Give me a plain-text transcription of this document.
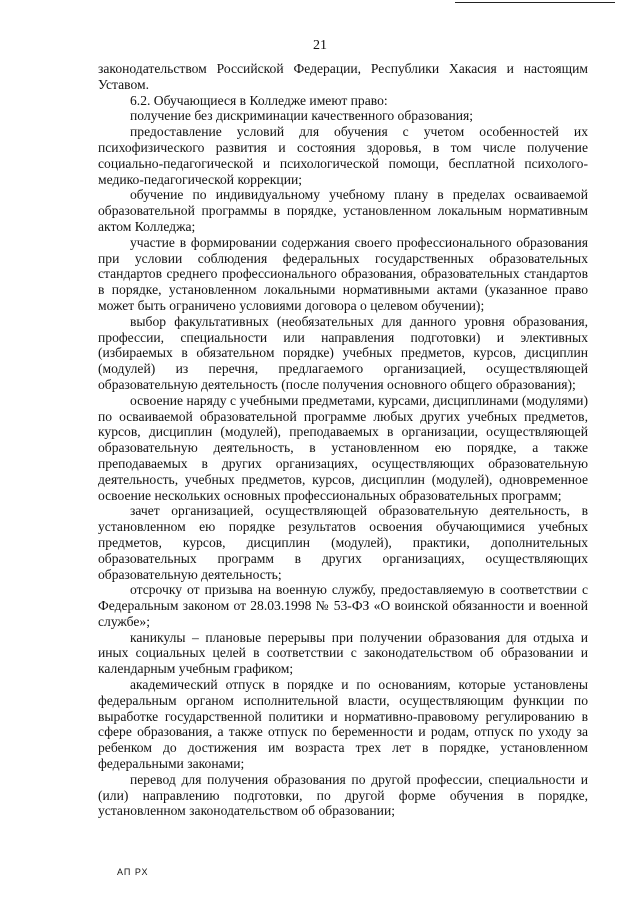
21

законодательством Российской Федерации, Республики Хакасия и настоящим Уставом.

6.2. Обучающиеся в Колледже имеют право:

получение без дискриминации качественного образования;

предоставление условий для обучения с учетом особенностей их психофизического развития и состояния здоровья, в том числе получение социально-педагогической и психологической помощи, бесплатной психолого-медико-педагогической коррекции;

обучение по индивидуальному учебному плану в пределах осваиваемой образовательной программы в порядке, установленном локальным нормативным актом Колледжа;

участие в формировании содержания своего профессионального образования при условии соблюдения федеральных государственных образовательных стандартов среднего профессионального образования, образовательных стандартов в порядке, установленном локальными нормативными актами (указанное право может быть ограничено условиями договора о целевом обучении);

выбор факультативных (необязательных для данного уровня образования, профессии, специальности или направления подготовки) и элективных (избираемых в обязательном порядке) учебных предметов, курсов, дисциплин (модулей) из перечня, предлагаемого организацией, осуществляющей образовательную деятельность (после получения основного общего образования);

освоение наряду с учебными предметами, курсами, дисциплинами (модулями) по осваиваемой образовательной программе любых других учебных предметов, курсов, дисциплин (модулей), преподаваемых в организации, осуществляющей образовательную деятельность, в установленном ею порядке, а также преподаваемых в других организациях, осуществляющих образовательную деятельность, учебных предметов, курсов, дисциплин (модулей), одновременное освоение нескольких основных профессиональных образовательных программ;

зачет организацией, осуществляющей образовательную деятельность, в установленном ею порядке результатов освоения обучающимися учебных предметов, курсов, дисциплин (модулей), практики, дополнительных образовательных программ в других организациях, осуществляющих образовательную деятельность;

отсрочку от призыва на военную службу, предоставляемую в соответствии с Федеральным законом от 28.03.1998 № 53-ФЗ «О воинской обязанности и военной службе»;

каникулы – плановые перерывы при получении образования для отдыха и иных социальных целей в соответствии с законодательством об образовании и календарным учебным графиком;

академический отпуск в порядке и по основаниям, которые установлены федеральным органом исполнительной власти, осуществляющим функции по выработке государственной политики и нормативно-правовому регулированию в сфере образования, а также отпуск по беременности и родам, отпуск по уходу за ребенком до достижения им возраста трех лет в порядке, установленном федеральными законами;

перевод для получения образования по другой профессии, специальности и (или) направлению подготовки, по другой форме обучения в порядке, установленном законодательством об образовании;

АП РХ
